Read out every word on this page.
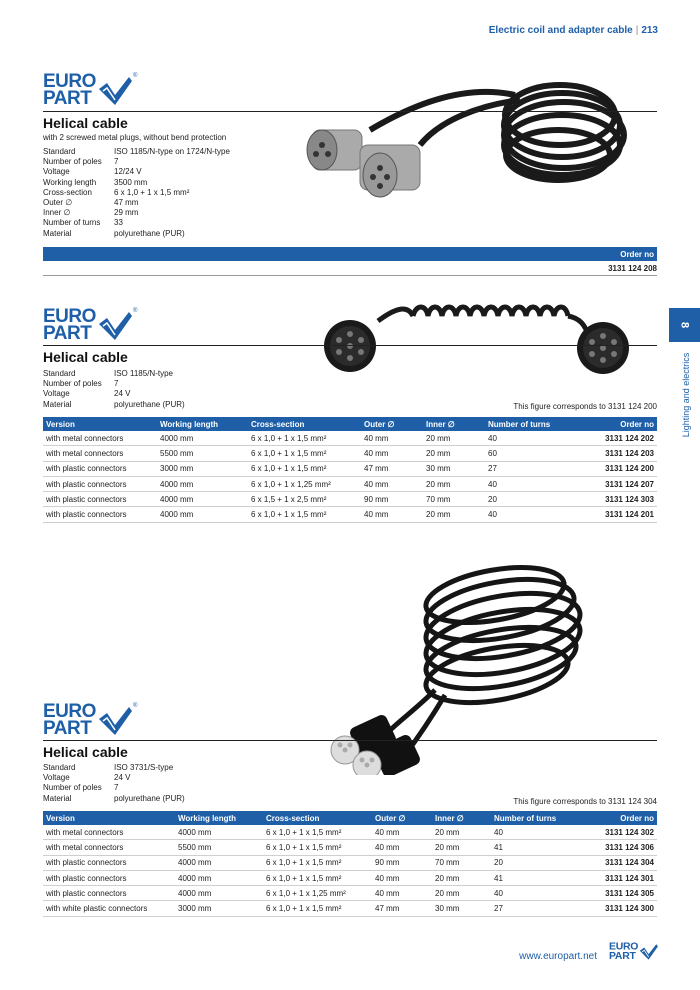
Electric coil and adapter cable | 213
8
Lighting and electrics
EURO
PART
®
Helical cable
with 2 screwed metal plugs, without bend protection
Standard	ISO 1185/N-type on 1724/N-type
Number of poles	7
Voltage	12/24 V
Working length	3500 mm
Cross-section	6 x 1,0 + 1 x 1,5 mm²
Outer ∅	47 mm
Inner ∅	29 mm
Number of turns	33
Material	polyurethane (PUR)
Order no
3131 124 208
EURO
PART
®
Helical cable
Standard	ISO 1185/N-type
Number of poles	7
Voltage	24 V
Material	polyurethane (PUR)	This figure corresponds to 3131 124 200
Version	Working length	Cross-section	Outer ∅	Inner ∅	Number of turns	Order no
with metal connectors	4000 mm	6 x 1,0 + 1 x 1,5 mm²	40 mm	20 mm	40	3131 124 202
with metal connectors	5500 mm	6 x 1,0 + 1 x 1,5 mm²	40 mm	20 mm	60	3131 124 203
with plastic connectors	3000 mm	6 x 1,0 + 1 x 1,5 mm²	47 mm	30 mm	27	3131 124 200
with plastic connectors	4000 mm	6 x 1,0 + 1 x 1,25 mm²	40 mm	20 mm	40	3131 124 207
with plastic connectors	4000 mm	6 x 1,5 + 1 x 2,5 mm²	90 mm	70 mm	20	3131 124 303
with plastic connectors	4000 mm	6 x 1,0 + 1 x 1,5 mm²	40 mm	20 mm	40	3131 124 201
EURO
PART
®
Helical cable
Standard	ISO 3731/S-type
Voltage	24 V
Number of poles	7
Material	polyurethane (PUR)	This figure corresponds to 3131 124 304
Version	Working length	Cross-section	Outer ∅	Inner ∅	Number of turns	Order no
with metal connectors	4000 mm	6 x 1,0 + 1 x 1,5 mm²	40 mm	20 mm	40	3131 124 302
with metal connectors	5500 mm	6 x 1,0 + 1 x 1,5 mm²	40 mm	20 mm	41	3131 124 306
with plastic connectors	4000 mm	6 x 1,0 + 1 x 1,5 mm²	90 mm	70 mm	20	3131 124 304
with plastic connectors	4000 mm	6 x 1,0 + 1 x 1,5 mm²	40 mm	20 mm	41	3131 124 301
with plastic connectors	4000 mm	6 x 1,0 + 1 x 1,25 mm²	40 mm	20 mm	40	3131 124 305
with white plastic connectors	3000 mm	6 x 1,0 + 1 x 1,5 mm²	47 mm	30 mm	27	3131 124 300
www.europart.net
EURO
PART
